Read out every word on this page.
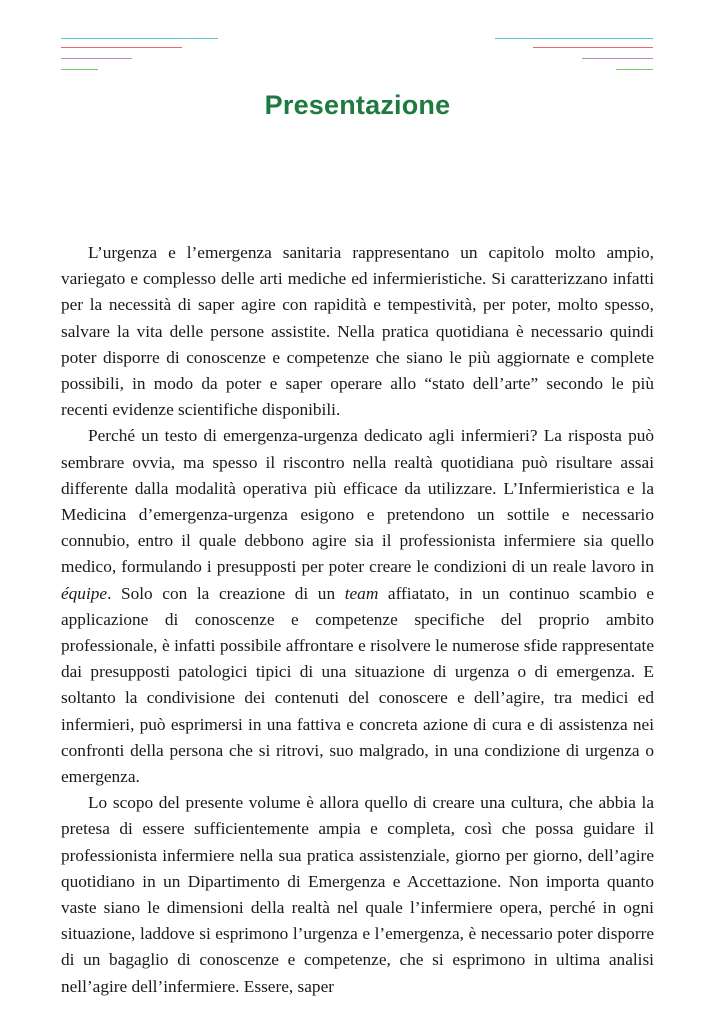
Presentazione

L’urgenza e l’emergenza sanitaria rappresentano un capitolo molto ampio, variegato e complesso delle arti mediche ed infermieristiche. Si caratterizzano infatti per la necessità di saper agire con rapidità e tempestività, per poter, molto spesso, salvare la vita delle persone assistite. Nella pratica quotidiana è necessario quindi poter disporre di conoscenze e competenze che siano le più aggiornate e complete possibili, in modo da poter e saper operare allo “stato dell’arte” secondo le più recenti evidenze scientifiche disponibili.

Perché un testo di emergenza-urgenza dedicato agli infermieri? La risposta può sembrare ovvia, ma spesso il riscontro nella realtà quotidiana può risultare assai differente dalla modalità operativa più efficace da utilizzare. L’Infermieristica e la Medicina d’emergenza-urgenza esigono e pretendono un sottile e necessario connubio, entro il quale debbono agire sia il professionista infermiere sia quello medico, formulando i presupposti per poter creare le condizioni di un reale lavoro in équipe. Solo con la creazione di un team affiatato, in un continuo scambio e applicazione di conoscenze e competenze specifiche del proprio ambito professionale, è infatti possibile affrontare e risolvere le numerose sfide rappresentate dai presupposti patologici tipici di una situazione di urgenza o di emergenza. E soltanto la condivisione dei contenuti del conoscere e dell’agire, tra medici ed infermieri, può esprimersi in una fattiva e concreta azione di cura e di assistenza nei confronti della persona che si ritrovi, suo malgrado, in una condizione di urgenza o emergenza.

Lo scopo del presente volume è allora quello di creare una cultura, che abbia la pretesa di essere sufficientemente ampia e completa, così che possa guidare il professionista infermiere nella sua pratica assistenziale, giorno per giorno, dell’agire quotidiano in un Dipartimento di Emergenza e Accettazione. Non importa quanto vaste siano le dimensioni della realtà nel quale l’infermiere opera, perché in ogni situazione, laddove si esprimono l’urgenza e l’emergenza, è necessario poter disporre di un bagaglio di conoscenze e competenze, che si esprimono in ultima analisi nell’agire dell’infermiere. Essere, saper
